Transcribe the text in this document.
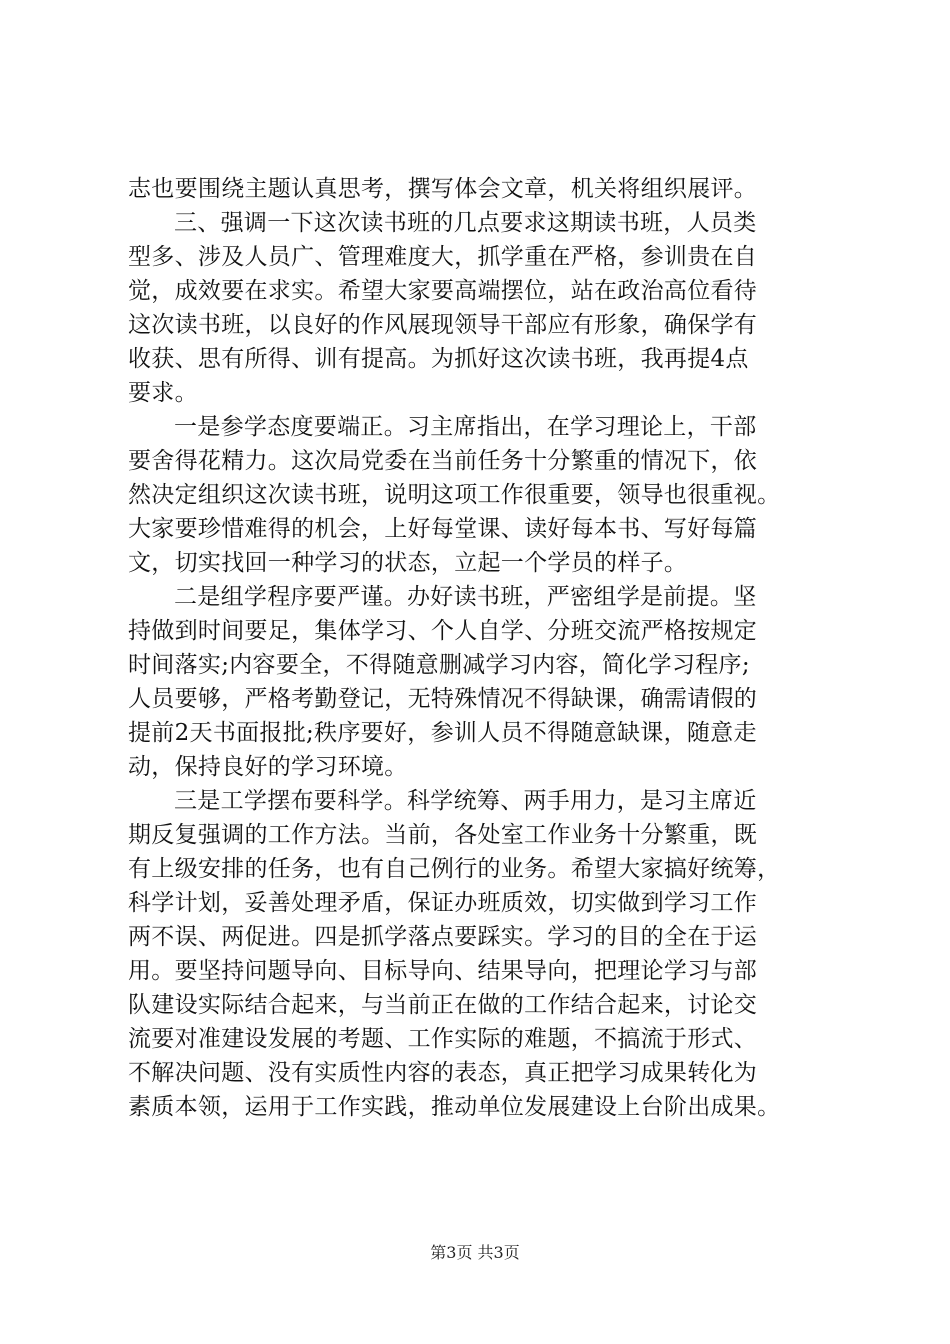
志也要围绕主题认真思考，撰写体会文章，机关将组织展评。
三、强调一下这次读书班的几点要求这期读书班，人员类
型多、涉及人员广、管理难度大，抓学重在严格，参训贵在自
觉，成效要在求实。希望大家要高端摆位，站在政治高位看待
这次读书班，以良好的作风展现领导干部应有形象，确保学有
收获、思有所得、训有提高。为抓好这次读书班，我再提4点
要求。
一是参学态度要端正。习主席指出，在学习理论上，干部
要舍得花精力。这次局党委在当前任务十分繁重的情况下，依
然决定组织这次读书班，说明这项工作很重要，领导也很重视。
大家要珍惜难得的机会，上好每堂课、读好每本书、写好每篇
文，切实找回一种学习的状态，立起一个学员的样子。
二是组学程序要严谨。办好读书班，严密组学是前提。坚
持做到时间要足，集体学习、个人自学、分班交流严格按规定
时间落实;内容要全，不得随意删减学习内容，简化学习程序;
人员要够，严格考勤登记，无特殊情况不得缺课，确需请假的
提前2天书面报批;秩序要好，参训人员不得随意缺课，随意走
动，保持良好的学习环境。
三是工学摆布要科学。科学统筹、两手用力，是习主席近
期反复强调的工作方法。当前，各处室工作业务十分繁重，既
有上级安排的任务，也有自己例行的业务。希望大家搞好统筹，
科学计划，妥善处理矛盾，保证办班质效，切实做到学习工作
两不误、两促进。四是抓学落点要踩实。学习的目的全在于运
用。要坚持问题导向、目标导向、结果导向，把理论学习与部
队建设实际结合起来，与当前正在做的工作结合起来，讨论交
流要对准建设发展的考题、工作实际的难题，不搞流于形式、
不解决问题、没有实质性内容的表态，真正把学习成果转化为
素质本领，运用于工作实践，推动单位发展建设上台阶出成果。
第3页 共3页
